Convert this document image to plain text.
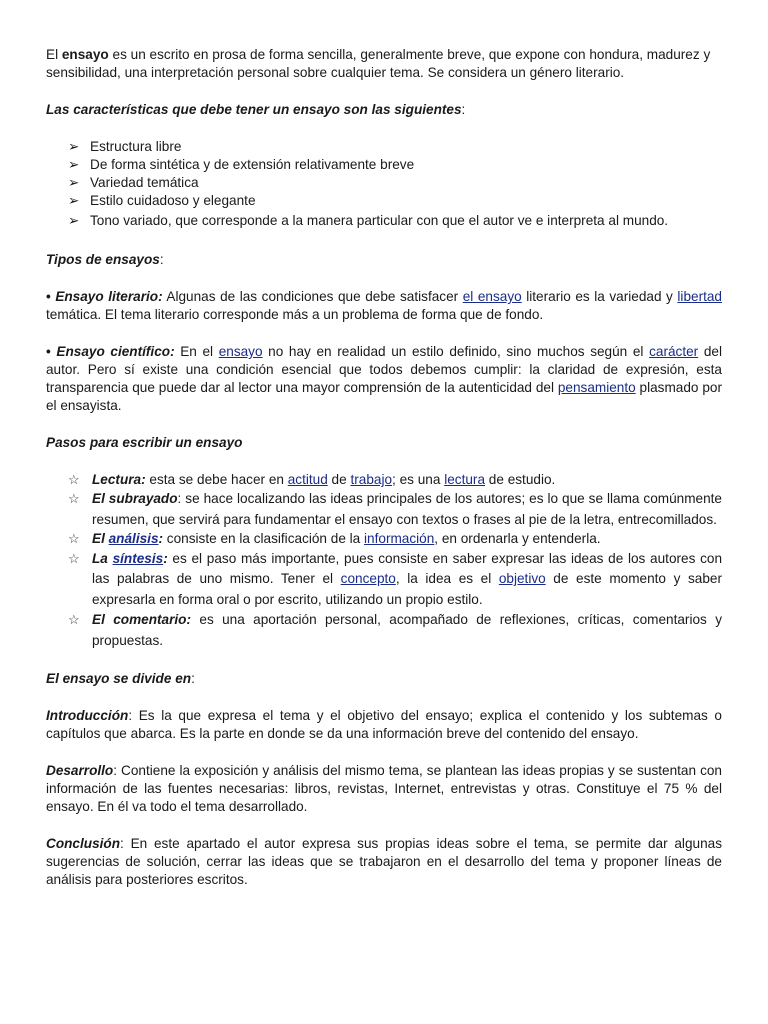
El ensayo es un escrito en prosa de forma sencilla, generalmente breve, que expone con hondura, madurez y sensibilidad, una interpretación personal sobre cualquier tema. Se considera un género literario.

Las características que debe tener un ensayo son las siguientes:

➢ Estructura libre
➢ De forma sintética y de extensión relativamente breve
➢ Variedad temática
➢ Estilo cuidadoso y elegante
➢ Tono variado, que corresponde a la manera particular con que el autor ve e interpreta al mundo.

Tipos de ensayos:

• Ensayo literario: Algunas de las condiciones que debe satisfacer el ensayo literario es la variedad y libertad temática. El tema literario corresponde más a un problema de forma que de fondo.

• Ensayo científico: En el ensayo no hay en realidad un estilo definido, sino muchos según el carácter del autor. Pero sí existe una condición esencial que todos debemos cumplir: la claridad de expresión, esta transparencia que puede dar al lector una mayor comprensión de la autenticidad del pensamiento plasmado por el ensayista.

Pasos para escribir un ensayo

☆ Lectura: esta se debe hacer en actitud de trabajo; es una lectura de estudio.
☆ El subrayado: se hace localizando las ideas principales de los autores; es lo que se llama comúnmente resumen, que servirá para fundamentar el ensayo con textos o frases al pie de la letra, entrecomillados.
☆ El análisis: consiste en la clasificación de la información, en ordenarla y entenderla.
☆ La síntesis: es el paso más importante, pues consiste en saber expresar las ideas de los autores con las palabras de uno mismo. Tener el concepto, la idea es el objetivo de este momento y saber expresarla en forma oral o por escrito, utilizando un propio estilo.
☆ El comentario: es una aportación personal, acompañado de reflexiones, críticas, comentarios y propuestas.

El ensayo se divide en:

Introducción: Es la que expresa el tema y el objetivo del ensayo; explica el contenido y los subtemas o capítulos que abarca. Es la parte en donde se da una información breve del contenido del ensayo.

Desarrollo: Contiene la exposición y análisis del mismo tema, se plantean las ideas propias y se sustentan con información de las fuentes necesarias: libros, revistas, Internet, entrevistas y otras. Constituye el 75 % del ensayo. En él va todo el tema desarrollado.

Conclusión: En este apartado el autor expresa sus propias ideas sobre el tema, se permite dar algunas sugerencias de solución, cerrar las ideas que se trabajaron en el desarrollo del tema y proponer líneas de análisis para posteriores escritos.
